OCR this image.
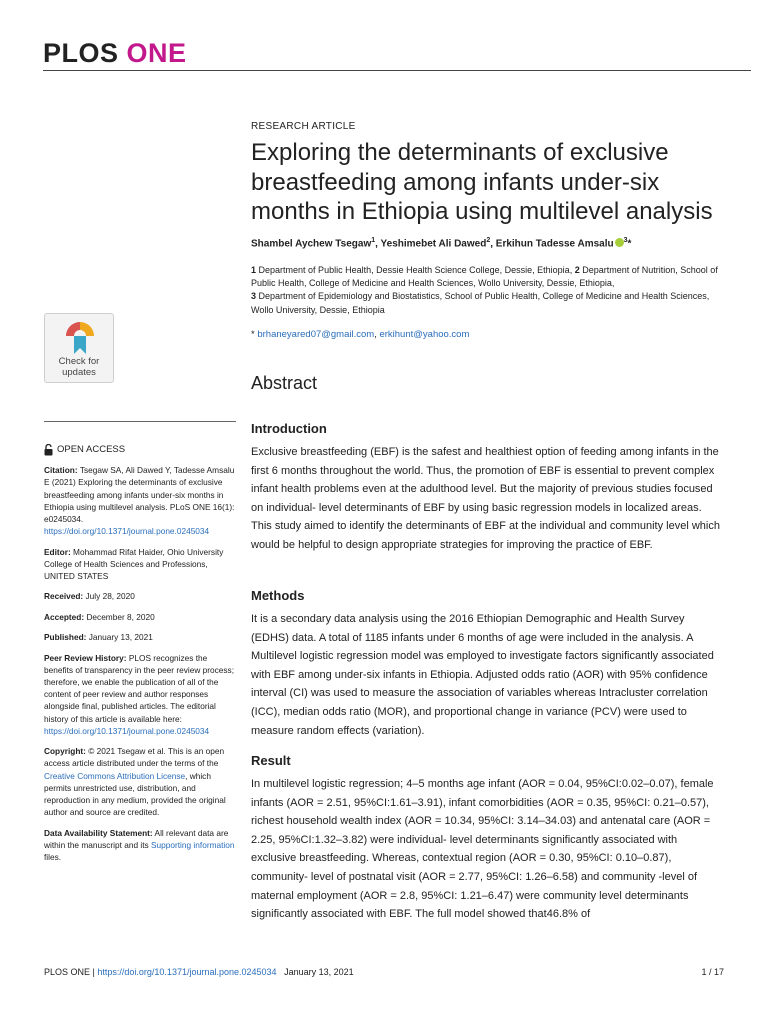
PLOS ONE
RESEARCH ARTICLE
Exploring the determinants of exclusive breastfeeding among infants under-six months in Ethiopia using multilevel analysis
Shambel Aychew Tsegaw$^1$, Yeshimebet Ali Dawed$^2$, Erkihun Tadesse Amsalu $^3$*
1 Department of Public Health, Dessie Health Science College, Dessie, Ethiopia, 2 Department of Nutrition, School of Public Health, College of Medicine and Health Sciences, Wollo University, Dessie, Ethiopia,
3 Department of Epidemiology and Biostatistics, School of Public Health, College of Medicine and Health Sciences, Wollo University, Dessie, Ethiopia
* brhaneyared07@gmail.com, erkihunt@yahoo.com
Check for
updates
Abstract
OPEN ACCESS

Citation: Tsegaw SA, Ali Dawed Y, Tadesse Amsalu E (2021) Exploring the determinants of exclusive breastfeeding among infants under-six months in Ethiopia using multilevel analysis. PLoS ONE 16(1): e0245034. https://doi.org/10.1371/journal.pone.0245034

Editor: Mohammad Rifat Haider, Ohio University College of Health Sciences and Professions, UNITED STATES

Received: July 28, 2020

Accepted: December 8, 2020

Published: January 13, 2021

Peer Review History: PLOS recognizes the benefits of transparency in the peer review process; therefore, we enable the publication of all of the content of peer review and author responses alongside final, published articles. The editorial history of this article is available here: https://doi.org/10.1371/journal.pone.0245034

Copyright: © 2021 Tsegaw et al. This is an open access article distributed under the terms of the Creative Commons Attribution License, which permits unrestricted use, distribution, and reproduction in any medium, provided the original author and source are credited.

Data Availability Statement: All relevant data are within the manuscript and its Supporting information files.

Introduction
Exclusive breastfeeding (EBF) is the safest and healthiest option of feeding among infants in the first 6 months throughout the world. Thus, the promotion of EBF is essential to prevent complex infant health problems even at the adulthood level. But the majority of previous studies focused on individual- level determinants of EBF by using basic regression models in localized areas. This study aimed to identify the determinants of EBF at the individual and community level which would be helpful to design appropriate strategies for improving the practice of EBF.
Methods
It is a secondary data analysis using the 2016 Ethiopian Demographic and Health Survey (EDHS) data. A total of 1185 infants under 6 months of age were included in the analysis. A Multilevel logistic regression model was employed to investigate factors significantly associated with EBF among under-six infants in Ethiopia. Adjusted odds ratio (AOR) with 95% confidence interval (CI) was used to measure the association of variables whereas Intracluster correlation (ICC), median odds ratio (MOR), and proportional change in variance (PCV) were used to measure random effects (variation).
Result
In multilevel logistic regression; 4–5 months age infant (AOR = 0.04, 95%CI:0.02–0.07), female infants (AOR = 2.51, 95%CI:1.61–3.91), infant comorbidities (AOR = 0.35, 95%CI: 0.21–0.57), richest household wealth index (AOR = 10.34, 95%CI: 3.14–34.03) and antenatal care (AOR = 2.25, 95%CI:1.32–3.82) were individual- level determinants significantly associated with exclusive breastfeeding. Whereas, contextual region (AOR = 0.30, 95%CI: 0.10–0.87), community- level of postnatal visit (AOR = 2.77, 95%CI: 1.26–6.58) and community -level of maternal employment (AOR = 2.8, 95%CI: 1.21–6.47) were community level determinants significantly associated with EBF. The full model showed that46.8% of
PLOS ONE | https://doi.org/10.1371/journal.pone.0245034 January 13, 2021	1 / 17
